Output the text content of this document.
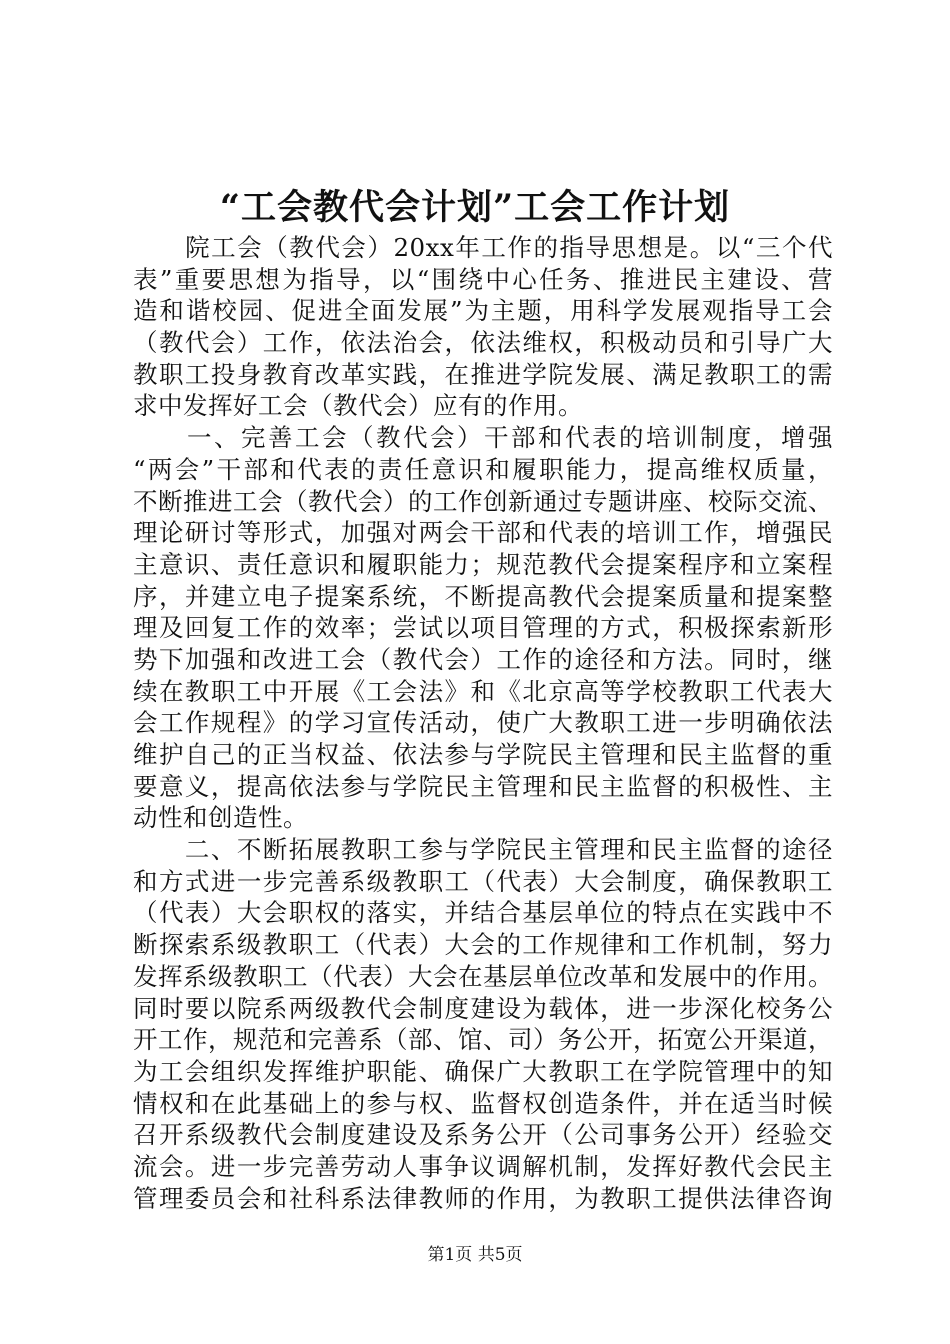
“工会教代会计划”工会工作计划
　　院工会（教代会）20xx年工作的指导思想是。以“三个代
表”重要思想为指导，以“围绕中心任务、推进民主建设、营
造和谐校园、促进全面发展”为主题，用科学发展观指导工会
（教代会）工作，依法治会，依法维权，积极动员和引导广大
教职工投身教育改革实践，在推进学院发展、满足教职工的需
求中发挥好工会（教代会）应有的作用。
　　一、完善工会（教代会）干部和代表的培训制度，增强
“两会”干部和代表的责任意识和履职能力，提高维权质量，
不断推进工会（教代会）的工作创新通过专题讲座、校际交流、
理论研讨等形式，加强对两会干部和代表的培训工作，增强民
主意识、责任意识和履职能力；规范教代会提案程序和立案程
序，并建立电子提案系统，不断提高教代会提案质量和提案整
理及回复工作的效率；尝试以项目管理的方式，积极探索新形
势下加强和改进工会（教代会）工作的途径和方法。同时，继
续在教职工中开展《工会法》和《北京高等学校教职工代表大
会工作规程》的学习宣传活动，使广大教职工进一步明确依法
维护自己的正当权益、依法参与学院民主管理和民主监督的重
要意义，提高依法参与学院民主管理和民主监督的积极性、主
动性和创造性。
　　二、不断拓展教职工参与学院民主管理和民主监督的途径
和方式进一步完善系级教职工（代表）大会制度，确保教职工
（代表）大会职权的落实，并结合基层单位的特点在实践中不
断探索系级教职工（代表）大会的工作规律和工作机制，努力
发挥系级教职工（代表）大会在基层单位改革和发展中的作用。
同时要以院系两级教代会制度建设为载体，进一步深化校务公
开工作，规范和完善系（部、馆、司）务公开，拓宽公开渠道，
为工会组织发挥维护职能、确保广大教职工在学院管理中的知
情权和在此基础上的参与权、监督权创造条件，并在适当时候
召开系级教代会制度建设及系务公开（公司事务公开）经验交
流会。进一步完善劳动人事争议调解机制，发挥好教代会民主
管理委员会和社科系法律教师的作用，为教职工提供法律咨询
第1页 共5页
